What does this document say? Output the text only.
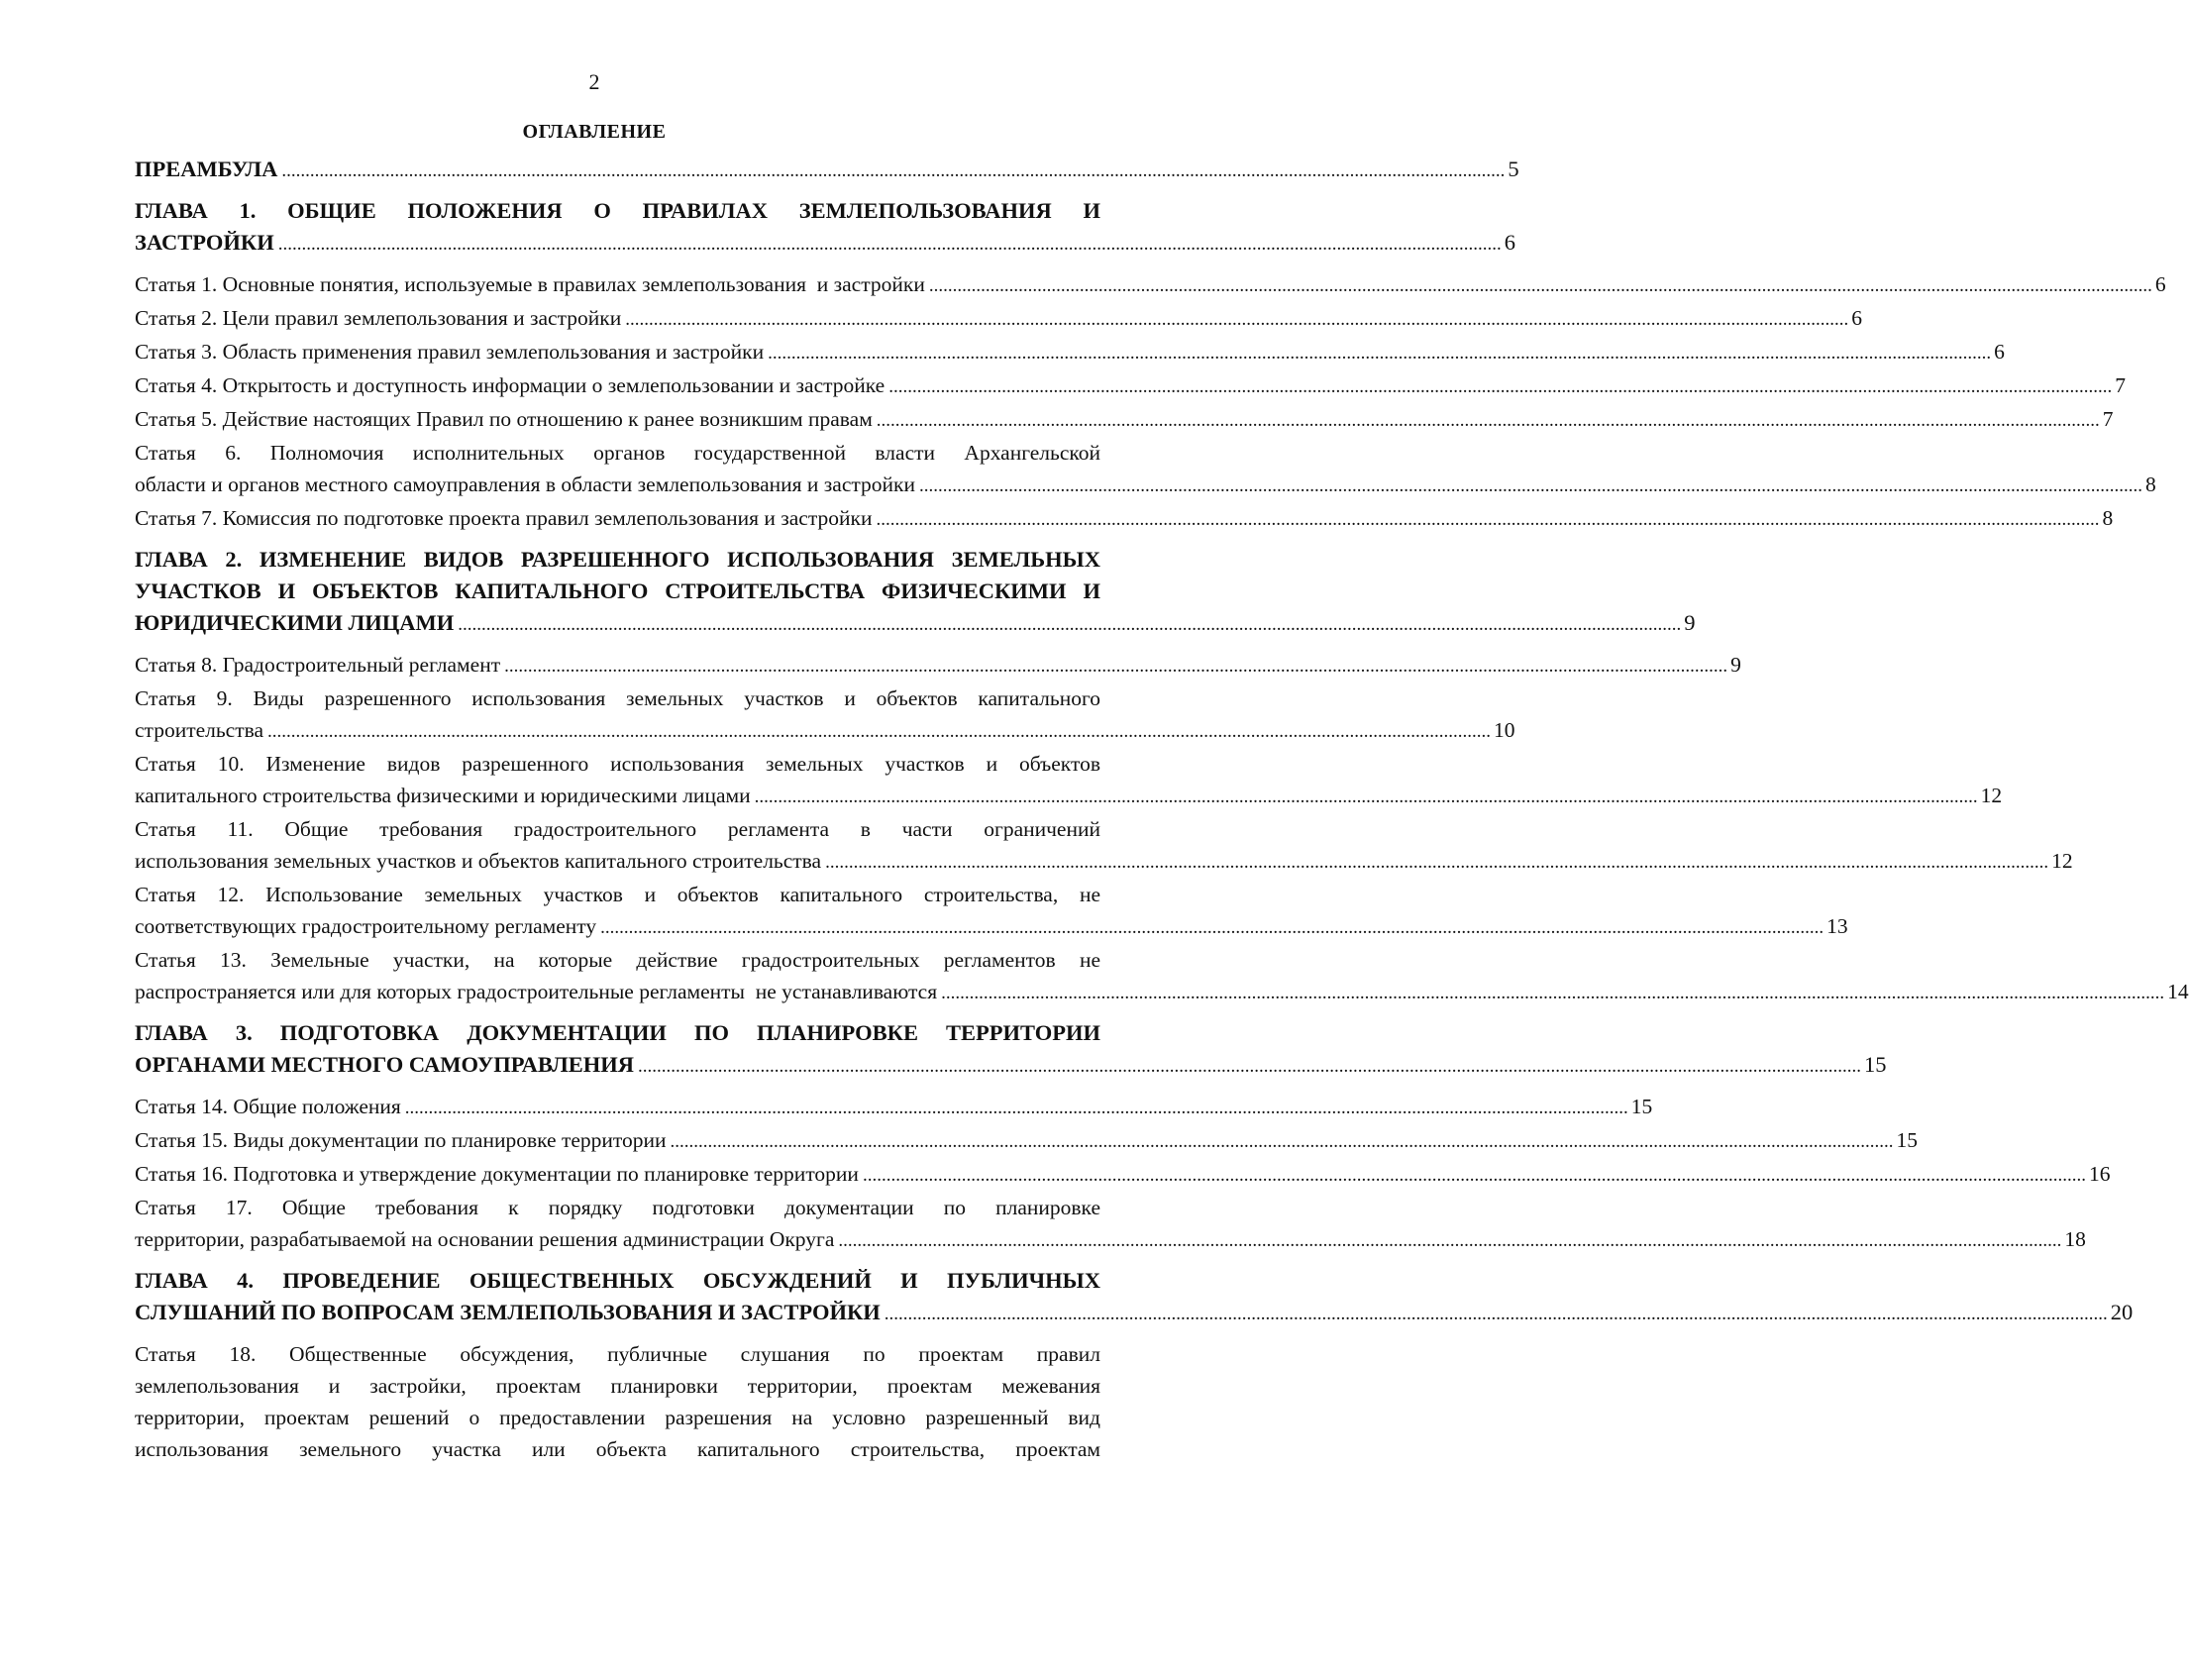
2
ОГЛАВЛЕНИЕ
ПРЕАМБУЛА .................................................................................................................................................................................................................................................................... 5
ГЛАВА 1. ОБЩИЕ ПОЛОЖЕНИЯ О ПРАВИЛАХ ЗЕМЛЕПОЛЬЗОВАНИЯ И
ЗАСТРОЙКИ .................................................................................................................................................................................................................................................................... 6
Статья 1. Основные понятия, используемые в правилах землепользования  и застройки .................................................................................................................................................................................................................................................................... 6
Статья 2. Цели правил землепользования и застройки .................................................................................................................................................................................................................................................................... 6
Статья 3. Область применения правил землепользования и застройки .................................................................................................................................................................................................................................................................... 6
Статья 4. Открытость и доступность информации о землепользовании и застройке .................................................................................................................................................................................................................................................................... 7
Статья 5. Действие настоящих Правил по отношению к ранее возникшим правам .................................................................................................................................................................................................................................................................... 7
Статья 6. Полномочия исполнительных органов государственной власти Архангельской
области и органов местного самоуправления в области землепользования и застройки .................................................................................................................................................................................................................................................................... 8
Статья 7. Комиссия по подготовке проекта правил землепользования и застройки .................................................................................................................................................................................................................................................................... 8
ГЛАВА 2. ИЗМЕНЕНИЕ ВИДОВ РАЗРЕШЕННОГО ИСПОЛЬЗОВАНИЯ ЗЕМЕЛЬНЫХ
УЧАСТКОВ И ОБЪЕКТОВ КАПИТАЛЬНОГО СТРОИТЕЛЬСТВА ФИЗИЧЕСКИМИ И
ЮРИДИЧЕСКИМИ ЛИЦАМИ .................................................................................................................................................................................................................................................................... 9
Статья 8. Градостроительный регламент .................................................................................................................................................................................................................................................................... 9
Статья 9. Виды разрешенного использования земельных участков и объектов капитального
строительства .................................................................................................................................................................................................................................................................... 10
Статья 10. Изменение видов разрешенного использования земельных участков и объектов
капитального строительства физическими и юридическими лицами .................................................................................................................................................................................................................................................................... 12
Статья 11. Общие требования градостроительного регламента в части ограничений
использования земельных участков и объектов капитального строительства .................................................................................................................................................................................................................................................................... 12
Статья 12. Использование земельных участков и объектов капитального строительства, не
соответствующих градостроительному регламенту .................................................................................................................................................................................................................................................................... 13
Статья 13. Земельные участки, на которые действие градостроительных регламентов не
распространяется или для которых градостроительные регламенты  не устанавливаются .................................................................................................................................................................................................................................................................... 14
ГЛАВА 3. ПОДГОТОВКА ДОКУМЕНТАЦИИ ПО ПЛАНИРОВКЕ ТЕРРИТОРИИ
ОРГАНАМИ МЕСТНОГО САМОУПРАВЛЕНИЯ .................................................................................................................................................................................................................................................................... 15
Статья 14. Общие положения .................................................................................................................................................................................................................................................................... 15
Статья 15. Виды документации по планировке территории .................................................................................................................................................................................................................................................................... 15
Статья 16. Подготовка и утверждение документации по планировке территории .................................................................................................................................................................................................................................................................... 16
Статья 17. Общие требования к порядку подготовки документации по планировке
территории, разрабатываемой на основании решения администрации Округа .................................................................................................................................................................................................................................................................... 18
ГЛАВА 4. ПРОВЕДЕНИЕ ОБЩЕСТВЕННЫХ ОБСУЖДЕНИЙ И ПУБЛИЧНЫХ
СЛУШАНИЙ ПО ВОПРОСАМ ЗЕМЛЕПОЛЬЗОВАНИЯ И ЗАСТРОЙКИ .................................................................................................................................................................................................................................................................... 20
Статья 18. Общественные обсуждения, публичные слушания по проектам правил
землепользования и застройки, проектам планировки территории, проектам межевания
территории, проектам решений о предоставлении разрешения на условно разрешенный вид
использования земельного участка или объекта капитального строительства, проектам
